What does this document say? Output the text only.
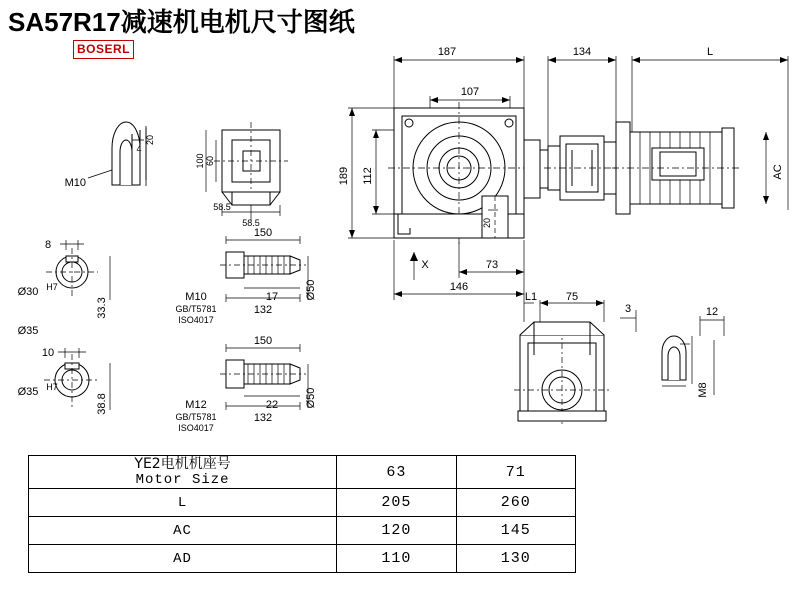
SA57R17减速机电机尺寸图纸
BOSERL	187
107
134	L
189 112	AC
146
73
X
20
L1	75
3	12
M8
M10
4
20
100 60
58.5
58.5
8
Ø30 H7
33.3
Ø35
10
Ø35 H7
38.8
150
M10
GB/T5781
ISO4017
17
132
Ø50
150
M12
GB/T5781
ISO4017
22
132
Ø50
YE2电机机座号
Motor Size	63	71
L	205	260
AC	120	145
AD	110	130
